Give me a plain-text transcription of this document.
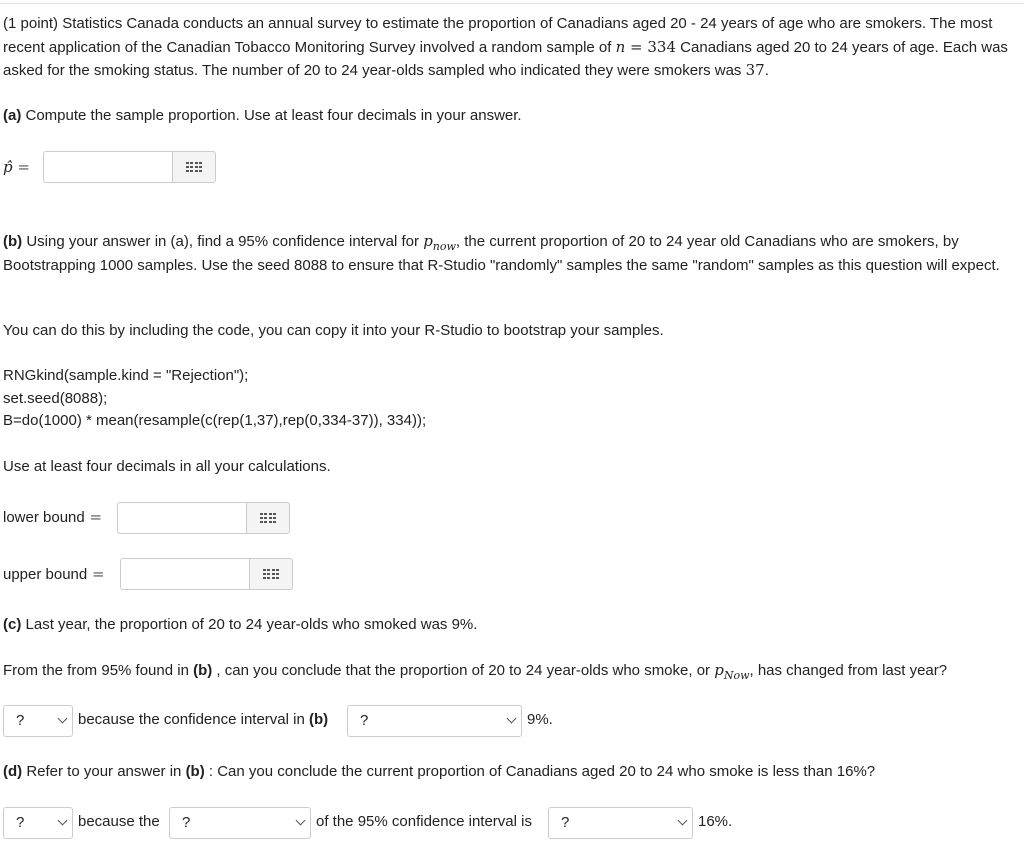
(1 point) Statistics Canada conducts an annual survey to estimate the proportion of Canadians aged 20 - 24 years of age who are smokers. The most recent application of the Canadian Tobacco Monitoring Survey involved a random sample of n = 334 Canadians aged 20 to 24 years of age. Each was asked for the smoking status. The number of 20 to 24 year-olds sampled who indicated they were smokers was 37.
(a) Compute the sample proportion. Use at least four decimals in your answer.
p̂ =
(b) Using your answer in (a), find a 95% confidence interval for $p_{now}$, the current proportion of 20 to 24 year old Canadians who are smokers, by Bootstrapping 1000 samples. Use the seed 8088 to ensure that R-Studio "randomly" samples the same "random" samples as this question will expect.
You can do this by including the code, you can copy it into your R-Studio to bootstrap your samples.
RNGkind(sample.kind = "Rejection");
set.seed(8088);
B=do(1000) * mean(resample(c(rep(1,37),rep(0,334-37)), 334));
Use at least four decimals in all your calculations.
lower bound =
upper bound =
(c) Last year, the proportion of 20 to 24 year-olds who smoked was 9%.
From the from 95% found in (b) , can you conclude that the proportion of 20 to 24 year-olds who smoke, or $p_{Now}$, has changed from last year?
?	because the confidence interval in (b)	?	9%.
(d) Refer to your answer in (b) : Can you conclude the current proportion of Canadians aged 20 to 24 who smoke is less than 16%?
?	because the	?	of the 95% confidence interval is	?	16%.
